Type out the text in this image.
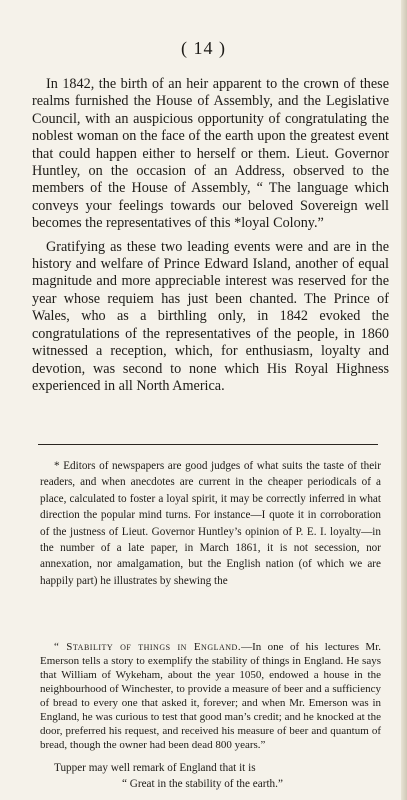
( 14 )

In 1842, the birth of an heir apparent to the crown of these realms furnished the House of Assembly, and the Legislative Council, with an auspicious opportunity of congratulating the noblest woman on the face of the earth upon the greatest event that could happen either to herself or them. Lieut. Governor Huntley, on the occasion of an Address, observed to the members of the House of Assembly, “ The language which conveys your feelings towards our beloved Sovereign well becomes the representatives of this *loyal Colony.”

Gratifying as these two leading events were and are in the history and welfare of Prince Edward Island, another of equal magnitude and more appreciable interest was reserved for the year whose requiem has just been chanted. The Prince of Wales, who as a birthling only, in 1842 evoked the congratulations of the representatives of the people, in 1860 witnessed a reception, which, for enthusiasm, loyalty and devotion, was second to none which His Royal Highness experienced in all North America.

* Editors of newspapers are good judges of what suits the taste of their readers, and when anecdotes are current in the cheaper periodicals of a place, calculated to foster a loyal spirit, it may be correctly inferred in what direction the popular mind turns. For instance—I quote it in corroboration of the justness of Lieut. Governor Huntley’s opinion of P. E. I. loyalty—in the number of a late paper, in March 1861, it is not secession, nor annexation, nor amalgamation, but the English nation (of which we are happily part) he illustrates by shewing the

“ Stability of things in England.—In one of his lectures Mr. Emerson tells a story to exemplify the stability of things in England. He says that William of Wykeham, about the year 1050, endowed a house in the neighbourhood of Winchester, to provide a measure of beer and a sufficiency of bread to every one that asked it, forever; and when Mr. Emerson was in England, he was curious to test that good man’s credit; and he knocked at the door, preferred his request, and received his measure of beer and quantum of bread, though the owner had been dead 800 years.”

Tupper may well remark of England that it is

“ Great in the stability of the earth.”
